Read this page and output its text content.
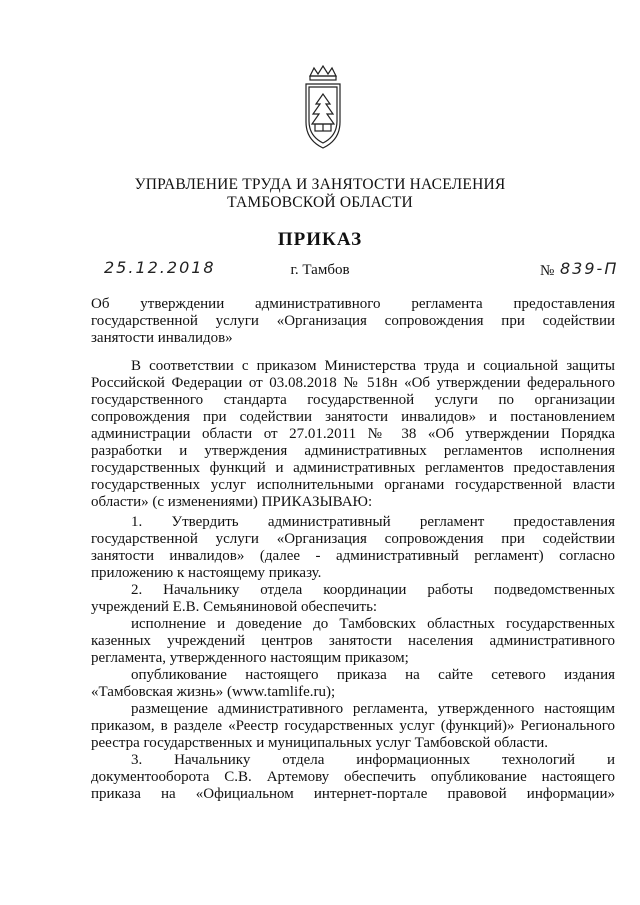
УПРАВЛЕНИЕ ТРУДА И ЗАНЯТОСТИ НАСЕЛЕНИЯ
ТАМБОВСКОЙ ОБЛАСТИ
ПРИКАЗ
25.12.2018	г. Тамбов	№ 839-П
Об утверждении административного регламента предоставления
государственной услуги «Организация сопровождения при содействии
занятости инвалидов»
В соответствии с приказом Министерства труда и социальной защиты
Российской Федерации от 03.08.2018 № 518н «Об утверждении федерального
государственного стандарта государственной услуги по организации
сопровождения при содействии занятости инвалидов» и постановлением
администрации области от 27.01.2011 № 38 «Об утверждении Порядка
разработки и утверждения административных регламентов исполнения
государственных функций и административных регламентов предоставления
государственных услуг исполнительными органами государственной власти
области» (с изменениями) ПРИКАЗЫВАЮ:
1. Утвердить административный регламент предоставления
государственной услуги «Организация сопровождения при содействии
занятости инвалидов» (далее - административный регламент) согласно
приложению к настоящему приказу.
2. Начальнику отдела координации работы подведомственных
учреждений Е.В. Семьяниновой обеспечить:
исполнение и доведение до Тамбовских областных государственных
казенных учреждений центров занятости населения административного
регламента, утвержденного настоящим приказом;
опубликование настоящего приказа на сайте сетевого издания
«Тамбовская жизнь» (www.tamlife.ru);
размещение административного регламента, утвержденного настоящим
приказом, в разделе «Реестр государственных услуг (функций)» Регионального
реестра государственных и муниципальных услуг Тамбовской области.
3. Начальнику отдела информационных технологий и
документооборота С.В. Артемову обеспечить опубликование настоящего
приказа на «Официальном интернет-портале правовой информации»
